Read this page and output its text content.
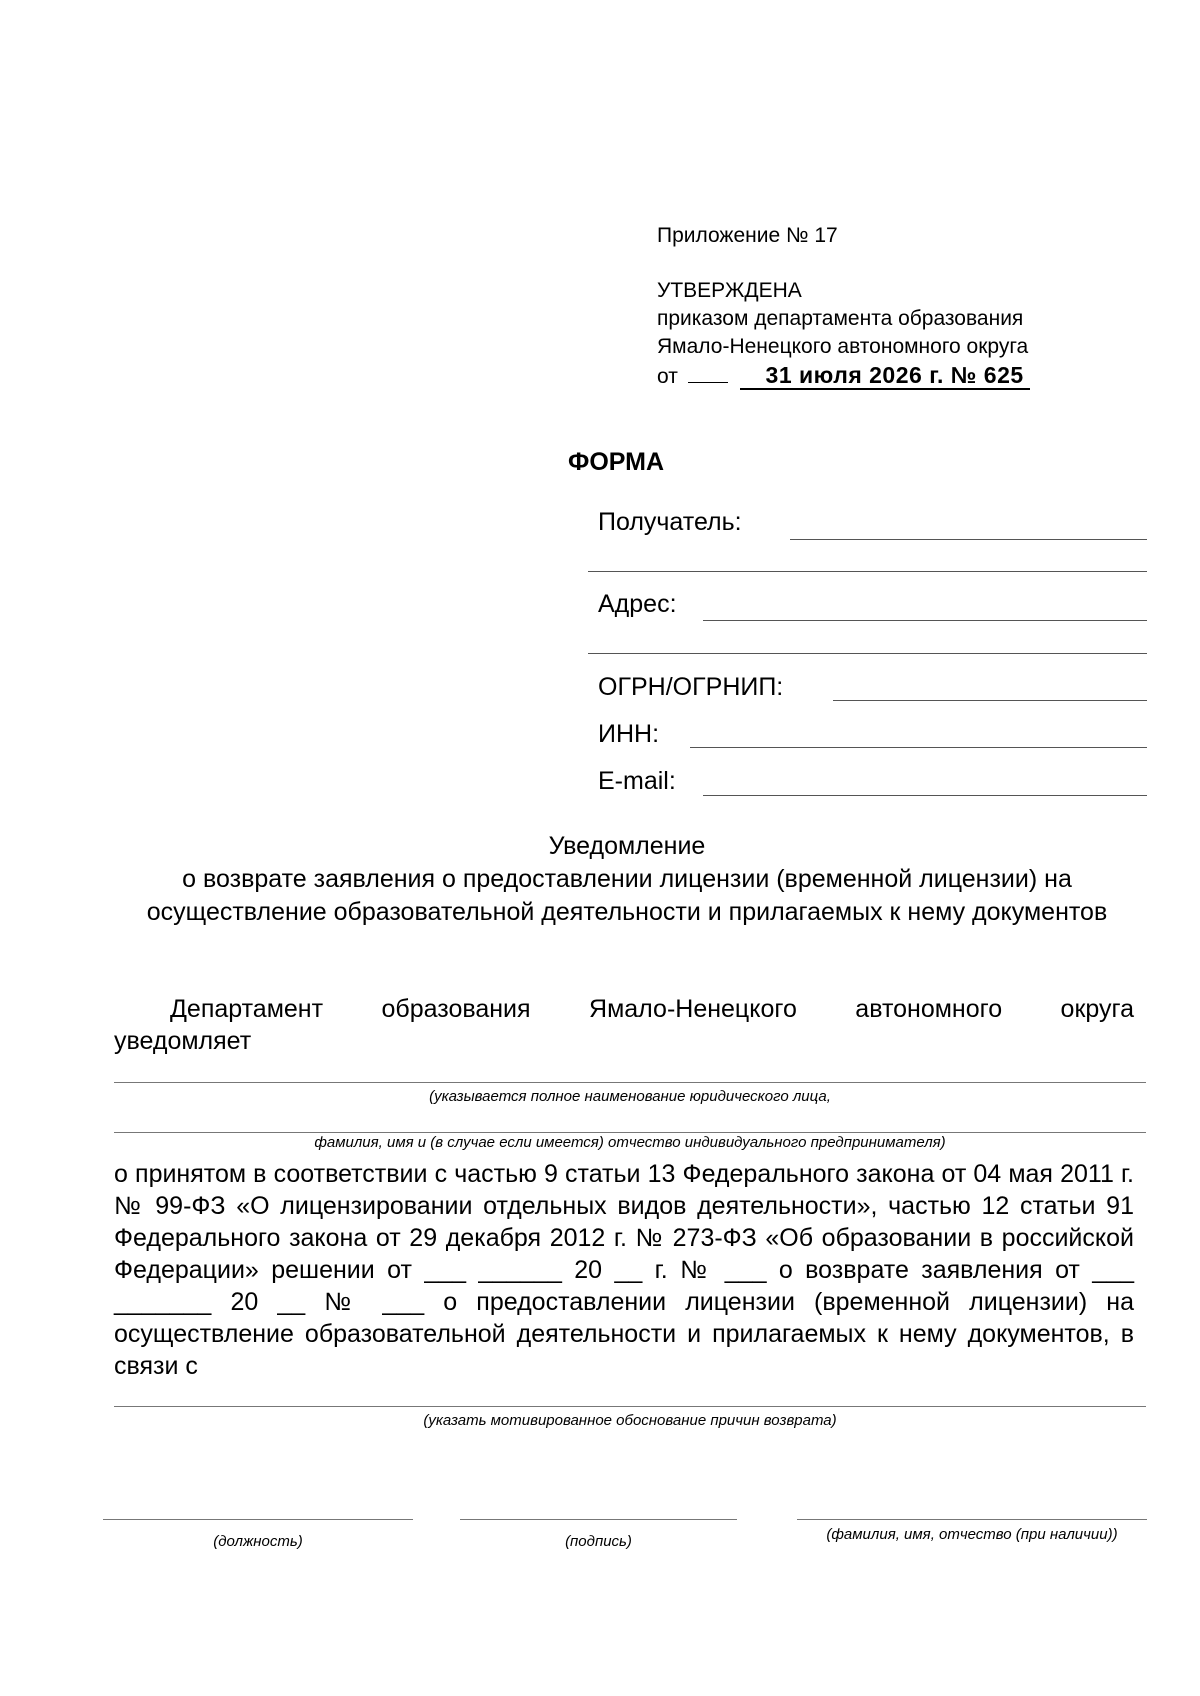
Приложение № 17
УТВЕРЖДЕНА
приказом департамента образования
Ямало-Ненецкого автономного округа
от	31 июля 2026 г. № 625
ФОРМА
Получатель:
Адрес:
ОГРН/ОГРНИП:
ИНН:
E-mail:
Уведомление
о возврате заявления о предоставлении лицензии (временной лицензии) на осуществление образовательной деятельности и прилагаемых к нему документов
Департамент образования Ямало-Ненецкого автономного округа уведомляет
(указывается полное наименование юридического лица,
фамилия, имя и (в случае если имеется) отчество индивидуального предпринимателя)
о принятом в соответствии с частью 9 статьи 13 Федерального закона от 04 мая 2011 г. № 99-ФЗ «О лицензировании отдельных видов деятельности», частью 12 статьи 91 Федерального закона от 29 декабря 2012 г. № 273-ФЗ «Об образовании в российской Федерации» решении от ___ ______ 20 __ г. № ___ о возврате заявления от ___ _______ 20 __ № ___ о предоставлении лицензии (временной лицензии) на осуществление образовательной деятельности и прилагаемых к нему документов, в связи с
(указать мотивированное обоснование причин возврата)
(должность)	(подпись)	(фамилия, имя, отчество (при наличии))
